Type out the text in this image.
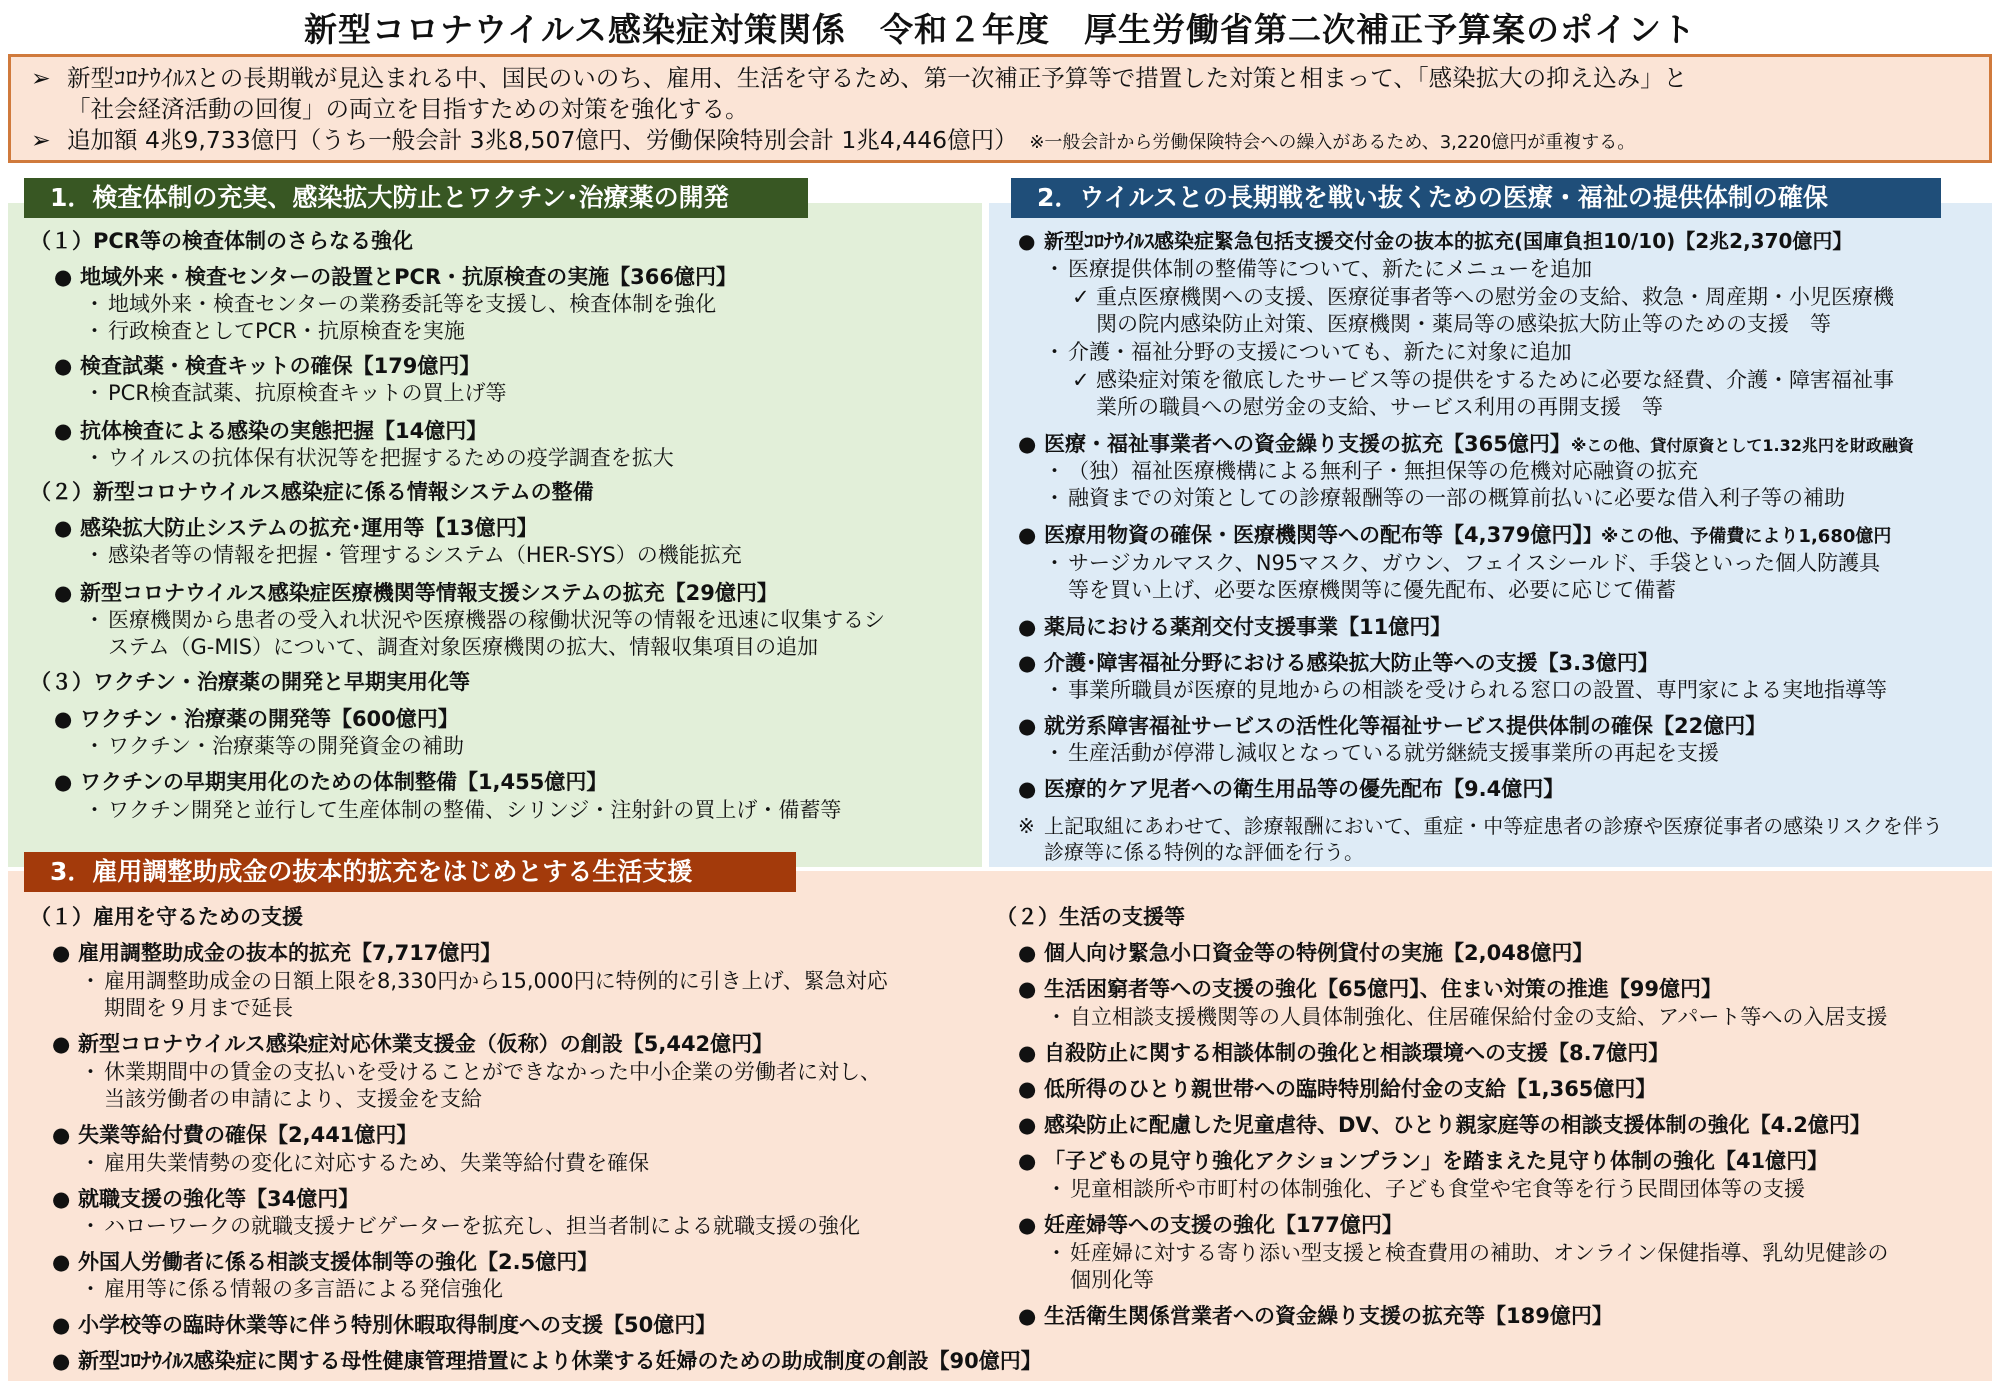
新型コロナウイルス感染症対策関係　令和２年度　厚生労働省第二次補正予算案のポイント

➢ 新型ｺﾛﾅｳｲﾙｽとの長期戦が見込まれる中、国民のいのち、雇用、生活を守るため、第一次補正予算等で措置した対策と相まって、「感染拡大の抑え込み」と

「社会経済活動の回復」の両立を目指すための対策を強化する。

➢ 追加額 4兆9,733億円（うち一般会計 3兆8,507億円、労働保険特別会計 1兆4,446億円）　 ※一般会計から労働保険特会への繰入があるため、3,220億円が重複する。

1．検査体制の充実、感染拡大防止とワクチン･治療薬の開発	2．ウイルスとの長期戦を戦い抜くための医療・福祉の提供体制の確保
3．雇用調整助成金の抜本的拡充をはじめとする生活支援
（１）PCR等の検査体制のさらなる強化
● 地域外来・検査センターの設置とPCR・抗原検査の実施【366億円】
・ 地域外来・検査センターの業務委託等を支援し、検査体制を強化
・ 行政検査としてPCR・抗原検査を実施
● 検査試薬・検査キットの確保【179億円】
・ PCR検査試薬、抗原検査キットの買上げ等
● 抗体検査による感染の実態把握【14億円】
・ ウイルスの抗体保有状況等を把握するための疫学調査を拡大
（２）新型コロナウイルス感染症に係る情報システムの整備
● 感染拡大防止システムの拡充･運用等【13億円】
・ 感染者等の情報を把握・管理するシステム（HER-SYS）の機能拡充
● 新型コロナウイルス感染症医療機関等情報支援システムの拡充【29億円】
・ 医療機関から患者の受入れ状況や医療機器の稼働状況等の情報を迅速に収集するシ
ステム（G-MIS）について、調査対象医療機関の拡大、情報収集項目の追加
（３）ワクチン・治療薬の開発と早期実用化等
● ワクチン・治療薬の開発等【600億円】
・ ワクチン・治療薬等の開発資金の補助
● ワクチンの早期実用化のための体制整備【1,455億円】
・ ワクチン開発と並行して生産体制の整備、シリンジ・注射針の買上げ・備蓄等
● 新型ｺﾛﾅｳｲﾙｽ感染症緊急包括支援交付金の抜本的拡充(国庫負担10/10)【2兆2,370億円】
・ 医療提供体制の整備等について、新たにメニューを追加
✓ 重点医療機関への支援、医療従事者等への慰労金の支給、救急・周産期・小児医療機
関の院内感染防止対策、医療機関・薬局等の感染拡大防止等のための支援　等
・ 介護・福祉分野の支援についても、新たに対象に追加
✓ 感染症対策を徹底したサービス等の提供をするために必要な経費、介護・障害福祉事
業所の職員への慰労金の支給、サービス利用の再開支援　等
● 医療・福祉事業者への資金繰り支援の拡充【365億円】※この他、貸付原資として1.32兆円を財政融資
・ （独）福祉医療機構による無利子・無担保等の危機対応融資の拡充
・ 融資までの対策としての診療報酬等の一部の概算前払いに必要な借入利子等の補助
● 医療用物資の確保・医療機関等への配布等【4,379億円】】※この他、予備費により1,680億円
・ サージカルマスク、N95マスク、ガウン、フェイスシールド、手袋といった個人防護具
等を買い上げ、必要な医療機関等に優先配布、必要に応じて備蓄
● 薬局における薬剤交付支援事業【11億円】
● 介護･障害福祉分野における感染拡大防止等への支援【3.3億円】
・ 事業所職員が医療的見地からの相談を受けられる窓口の設置、専門家による実地指導等
● 就労系障害福祉サービスの活性化等福祉サービス提供体制の確保【22億円】
・ 生産活動が停滞し減収となっている就労継続支援事業所の再起を支援
● 医療的ケア児者への衛生用品等の優先配布【9.4億円】
※ 上記取組にあわせて、診療報酬において、重症・中等症患者の診療や医療従事者の感染リスクを伴う
診療等に係る特例的な評価を行う。
（１）雇用を守るための支援
● 雇用調整助成金の抜本的拡充【7,717億円】
・ 雇用調整助成金の日額上限を8,330円から15,000円に特例的に引き上げ、緊急対応
期間を９月まで延長
● 新型コロナウイルス感染症対応休業支援金（仮称）の創設【5,442億円】
・ 休業期間中の賃金の支払いを受けることができなかった中小企業の労働者に対し、
当該労働者の申請により、支援金を支給
● 失業等給付費の確保【2,441億円】
・ 雇用失業情勢の変化に対応するため、失業等給付費を確保
● 就職支援の強化等【34億円】
・ ハローワークの就職支援ナビゲーターを拡充し、担当者制による就職支援の強化
● 外国人労働者に係る相談支援体制等の強化【2.5億円】
・ 雇用等に係る情報の多言語による発信強化
● 小学校等の臨時休業等に伴う特別休暇取得制度への支援【50億円】
● 新型ｺﾛﾅｳｲﾙｽ感染症に関する母性健康管理措置により休業する妊婦のための助成制度の創設【90億円】
（２）生活の支援等
● 個人向け緊急小口資金等の特例貸付の実施【2,048億円】
● 生活困窮者等への支援の強化【65億円】、住まい対策の推進【99億円】
・ 自立相談支援機関等の人員体制強化、住居確保給付金の支給、アパート等への入居支援
● 自殺防止に関する相談体制の強化と相談環境への支援【8.7億円】
● 低所得のひとり親世帯への臨時特別給付金の支給【1,365億円】
● 感染防止に配慮した児童虐待、DV、ひとり親家庭等の相談支援体制の強化【4.2億円】
● 「子どもの見守り強化アクションプラン」を踏まえた見守り体制の強化【41億円】
・ 児童相談所や市町村の体制強化、子ども食堂や宅食等を行う民間団体等の支援
● 妊産婦等への支援の強化【177億円】
・ 妊産婦に対する寄り添い型支援と検査費用の補助、オンライン保健指導、乳幼児健診の
個別化等
● 生活衛生関係営業者への資金繰り支援の拡充等【189億円】
